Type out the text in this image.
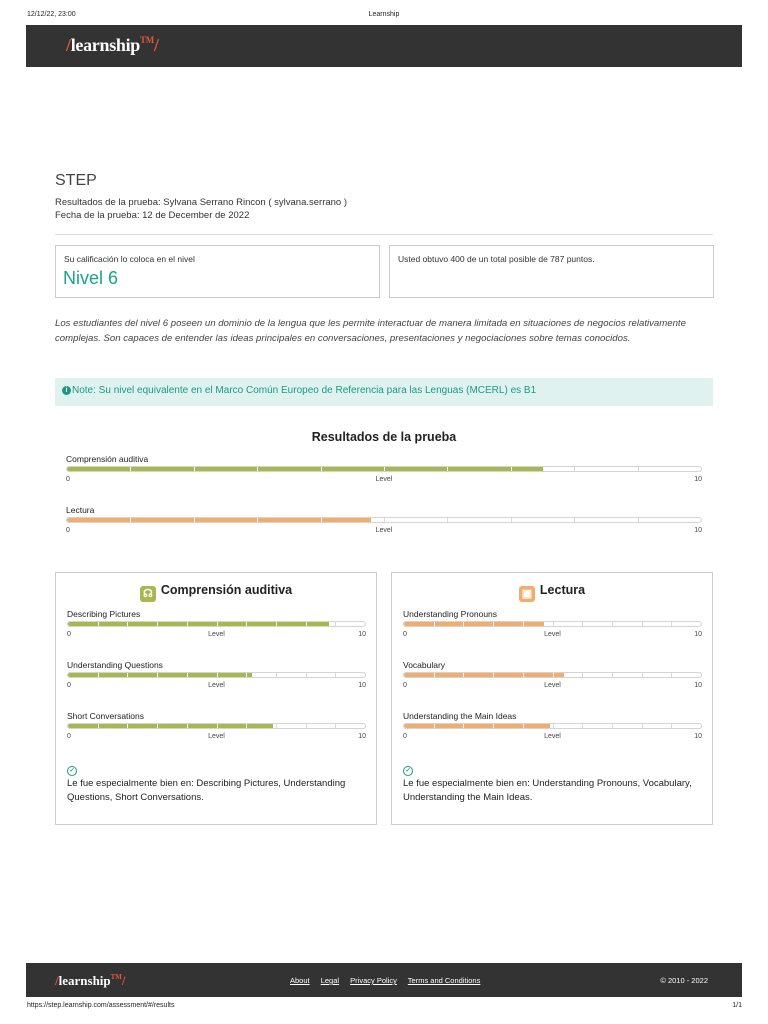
12/12/22, 23:00	Learnship
/learnship™/
STEP
Resultados de la prueba: Sylvana Serrano Rincon ( sylvana.serrano )
Fecha de la prueba: 12 de December de 2022
Su calificación lo coloca en el nivel
Nivel 6
Usted obtuvo 400 de un total posible de 787 puntos.
Los estudiantes del nivel 6 poseen un dominio de la lengua que les permite interactuar de manera limitada en situaciones de negocios relativamente complejas. Son capaces de entender las ideas principales en conversaciones, presentaciones y negociaciones sobre temas conocidos.
i Note: Su nivel equivalente en el Marco Común Europeo de Referencia para las Lenguas (MCERL) es B1
Resultados de la prueba
Comprensión auditiva
0	Level	10
Lectura
0	Level	10
☊ Comprensión auditiva
Describing Pictures
0	Level	10
Understanding Questions
0	Level	10
Short Conversations
0	Level	10
✓
Le fue especialmente bien en: Describing Pictures, Understanding Questions, Short Conversations.
▣ Lectura
Understanding Pronouns
0	Level	10
Vocabulary
0	Level	10
Understanding the Main Ideas
0	Level	10
✓
Le fue especialmente bien en: Understanding Pronouns, Vocabulary, Understanding the Main Ideas.
/learnship™/	About Legal Privacy Policy Terms and Conditions	© 2010 - 2022
https://step.learnship.com/assessment/#/results	1/1
